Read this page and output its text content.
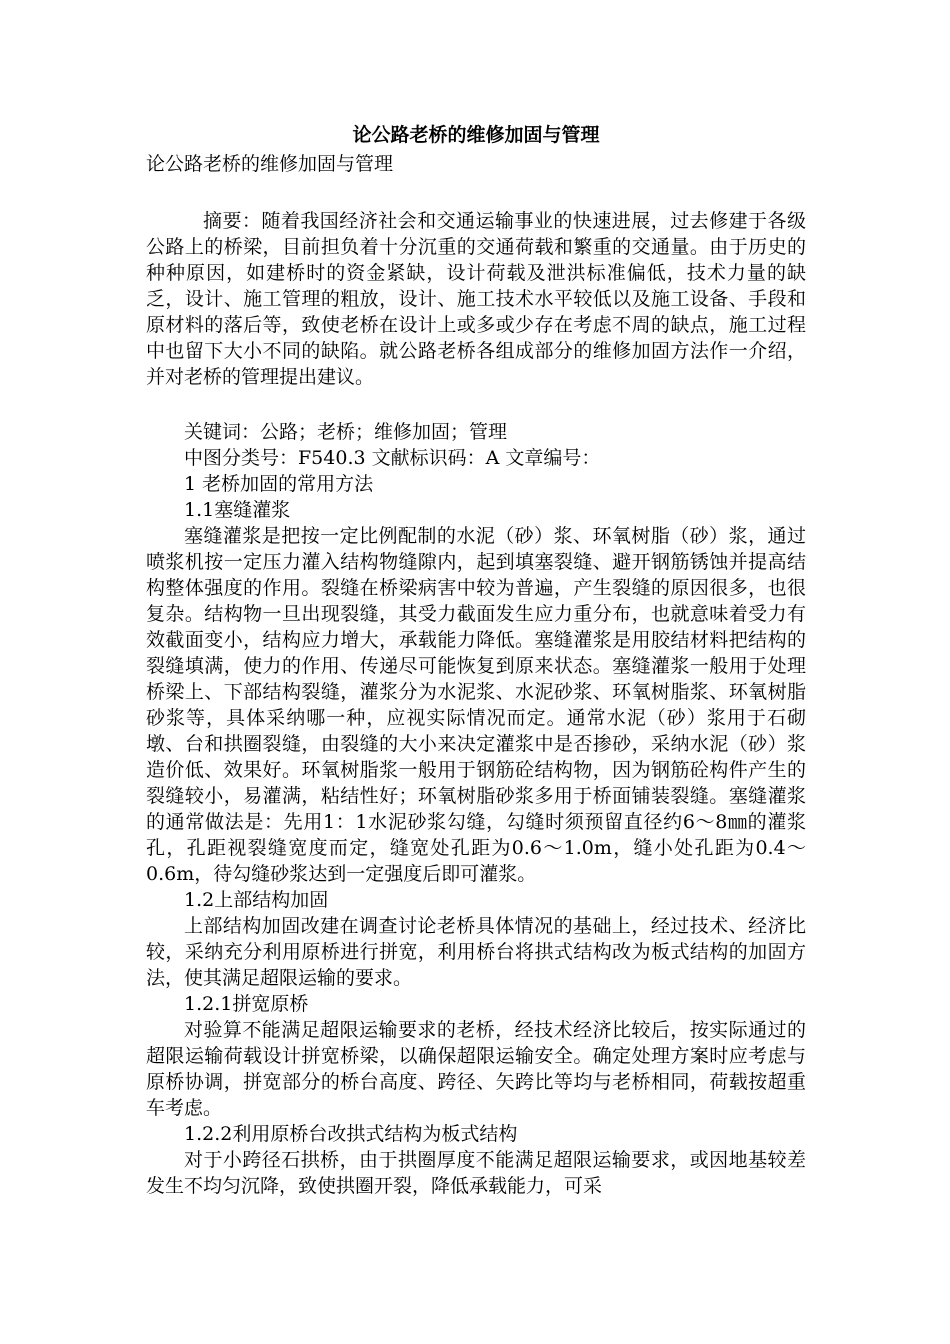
论公路老桥的维修加固与管理

论公路老桥的维修加固与管理

摘要：随着我国经济社会和交通运输事业的快速进展，过去修建于各级公路上的桥梁，目前担负着十分沉重的交通荷载和繁重的交通量。由于历史的种种原因，如建桥时的资金紧缺，设计荷载及泄洪标准偏低，技术力量的缺乏，设计、施工管理的粗放，设计、施工技术水平较低以及施工设备、手段和原材料的落后等，致使老桥在设计上或多或少存在考虑不周的缺点，施工过程中也留下大小不同的缺陷。就公路老桥各组成部分的维修加固方法作一介绍，并对老桥的管理提出建议。

关键词：公路；老桥；维修加固；管理

中图分类号：F540.3 文献标识码：A 文章编号：

1 老桥加固的常用方法

1.1塞缝灌浆

塞缝灌浆是把按一定比例配制的水泥（砂）浆、环氧树脂（砂）浆，通过喷浆机按一定压力灌入结构物缝隙内，起到填塞裂缝、避开钢筋锈蚀并提高结构整体强度的作用。裂缝在桥梁病害中较为普遍，产生裂缝的原因很多，也很复杂。结构物一旦出现裂缝，其受力截面发生应力重分布，也就意味着受力有效截面变小，结构应力增大，承载能力降低。塞缝灌浆是用胶结材料把结构的裂缝填满，使力的作用、传递尽可能恢复到原来状态。塞缝灌浆一般用于处理桥梁上、下部结构裂缝，灌浆分为水泥浆、水泥砂浆、环氧树脂浆、环氧树脂砂浆等，具体采纳哪一种，应视实际情况而定。通常水泥（砂）浆用于石砌墩、台和拱圈裂缝，由裂缝的大小来决定灌浆中是否掺砂，采纳水泥（砂）浆造价低、效果好。环氧树脂浆一般用于钢筋砼结构物，因为钢筋砼构件产生的裂缝较小，易灌满，粘结性好；环氧树脂砂浆多用于桥面铺装裂缝。塞缝灌浆的通常做法是：先用1：1水泥砂浆勾缝，勾缝时须预留直径约6～8㎜的灌浆孔，孔距视裂缝宽度而定，缝宽处孔距为0.6～1.0m，缝小处孔距为0.4～0.6m，待勾缝砂浆达到一定强度后即可灌浆。

1.2上部结构加固

上部结构加固改建在调查讨论老桥具体情况的基础上，经过技术、经济比较，采纳充分利用原桥进行拼宽，利用桥台将拱式结构改为板式结构的加固方法，使其满足超限运输的要求。

1.2.1拼宽原桥

对验算不能满足超限运输要求的老桥，经技术经济比较后，按实际通过的超限运输荷载设计拼宽桥梁，以确保超限运输安全。确定处理方案时应考虑与原桥协调，拼宽部分的桥台高度、跨径、矢跨比等均与老桥相同，荷载按超重车考虑。

1.2.2利用原桥台改拱式结构为板式结构

对于小跨径石拱桥，由于拱圈厚度不能满足超限运输要求，或因地基较差发生不均匀沉降，致使拱圈开裂，降低承载能力，可采
